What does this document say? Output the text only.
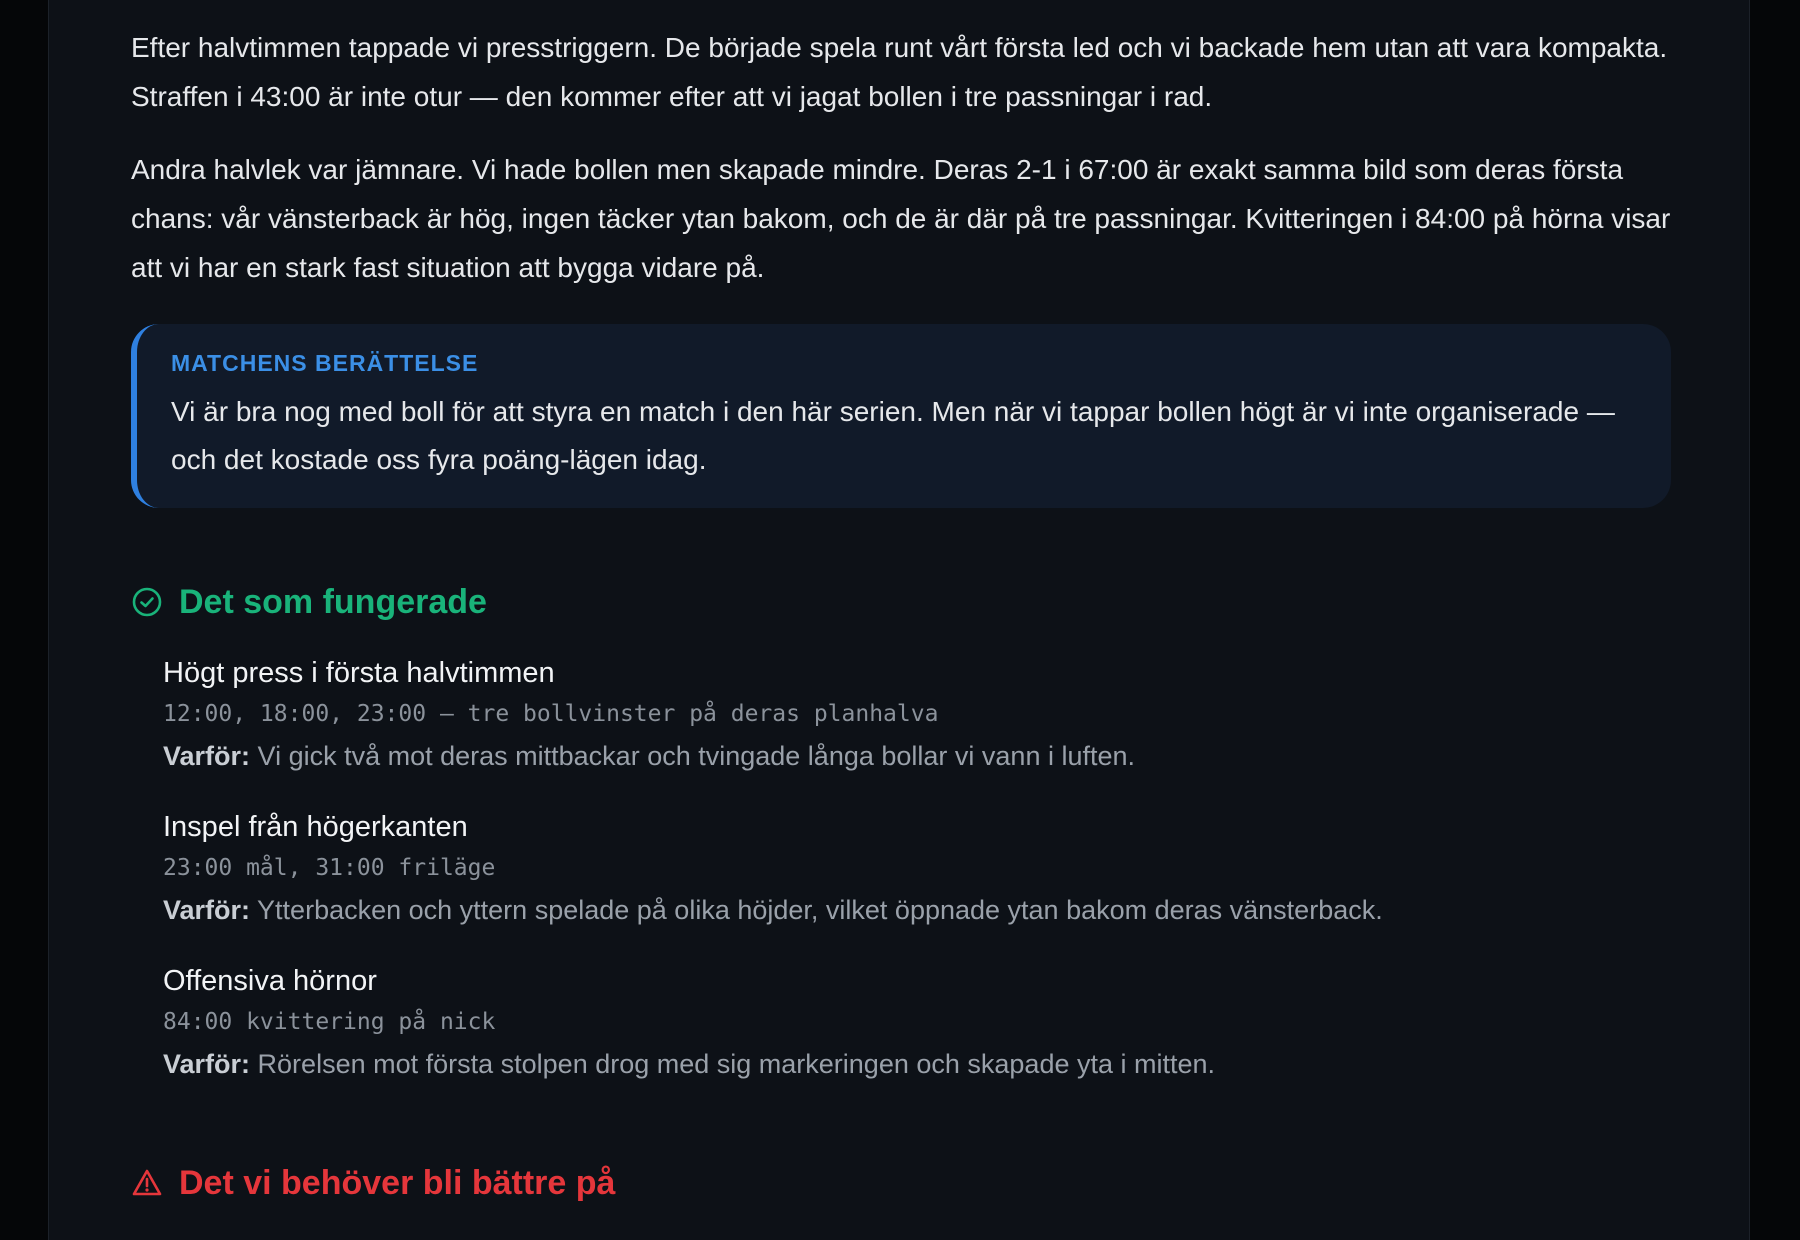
Efter halvtimmen tappade vi presstriggern. De började spela runt vårt första led och vi backade hem utan att vara kompakta. Straffen i 43:00 är inte otur — den kommer efter att vi jagat bollen i tre passningar i rad.

Andra halvlek var jämnare. Vi hade bollen men skapade mindre. Deras 2-1 i 67:00 är exakt samma bild som deras första chans: vår vänsterback är hög, ingen täcker ytan bakom, och de är där på tre passningar. Kvitteringen i 84:00 på hörna visar att vi har en stark fast situation att bygga vidare på.

MATCHENS BERÄTTELSE

Vi är bra nog med boll för att styra en match i den här serien. Men när vi tappar bollen högt är vi inte organiserade — och det kostade oss fyra poäng-lägen idag.

Det som fungerade
Högt press i första halvtimmen
12:00, 18:00, 23:00 — tre bollvinster på deras planhalva
Varför: Vi gick två mot deras mittbackar och tvingade långa bollar vi vann i luften.
Inspel från högerkanten
23:00 mål, 31:00 friläge
Varför: Ytterbacken och yttern spelade på olika höjder, vilket öppnade ytan bakom deras vänsterback.
Offensiva hörnor
84:00 kvittering på nick
Varför: Rörelsen mot första stolpen drog med sig markeringen och skapade yta i mitten.
Det vi behöver bli bättre på
